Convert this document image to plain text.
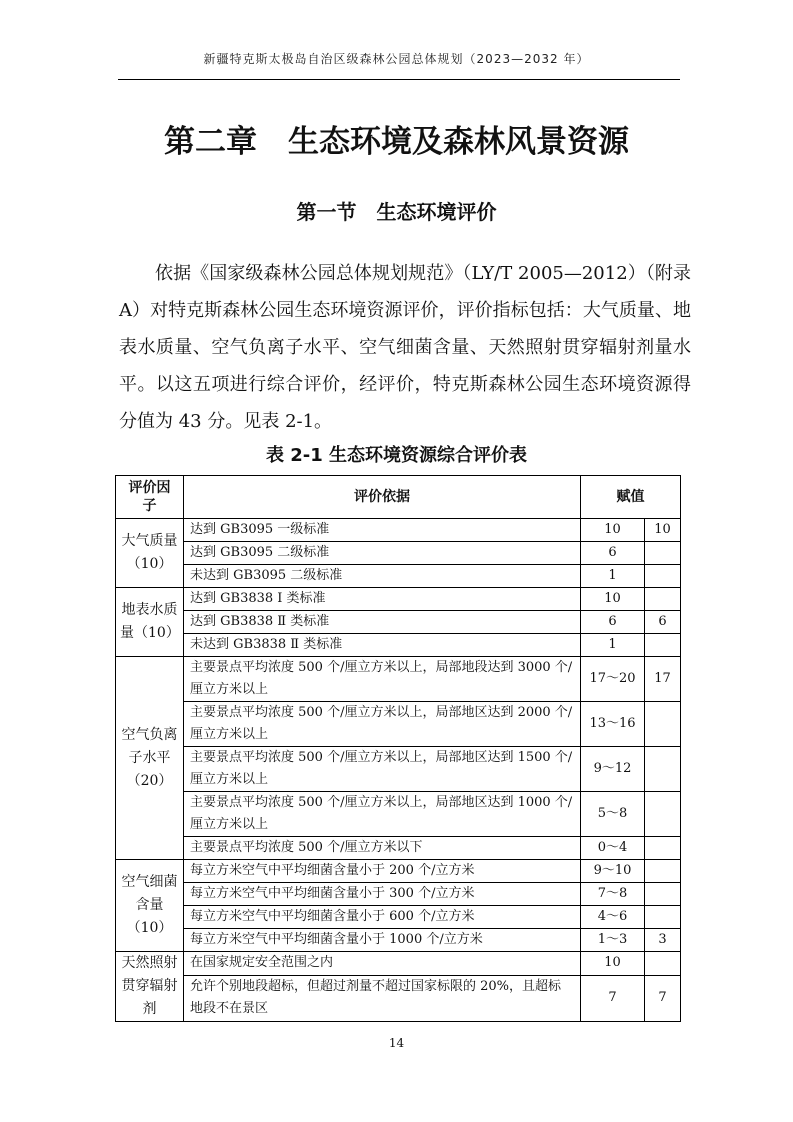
新疆特克斯太极岛自治区级森林公园总体规划（2023—2032 年）
第二章　生态环境及森林风景资源
第一节　生态环境评价

依据《国家级森林公园总体规划规范》（LY/T 2005—2012）（附录A）对特克斯森林公园生态环境资源评价，评价指标包括：大气质量、地表水质量、空气负离子水平、空气细菌含量、天然照射贯穿辐射剂量水平。以这五项进行综合评价，经评价，特克斯森林公园生态环境资源得分值为 43 分。见表 2-1。

表 2-1 生态环境资源综合评价表
评价因子	评价依据	赋值	
大气质量（10）	达到 GB3095 一级标准	10	10
	达到 GB3095 二级标准	6	
	未达到 GB3095 二级标准	1	
地表水质量（10）	达到 GB3838 Ⅰ 类标准	10	
	达到 GB3838 Ⅱ 类标准	6	6
	未达到 GB3838 Ⅱ 类标准	1	
空气负离子水平（20）	主要景点平均浓度 500 个/厘立方米以上，局部地段达到 3000 个/厘立方米以上	17～20	17
	主要景点平均浓度 500 个/厘立方米以上，局部地区达到 2000 个/厘立方米以上	13～16	
	主要景点平均浓度 500 个/厘立方米以上，局部地区达到 1500 个/厘立方米以上	9～12	
	主要景点平均浓度 500 个/厘立方米以上，局部地区达到 1000 个/厘立方米以上	5～8	
	主要景点平均浓度 500 个/厘立方米以下	0～4	
空气细菌含量（10）	每立方米空气中平均细菌含量小于 200 个/立方米	9～10	
	每立方米空气中平均细菌含量小于 300 个/立方米	7～8	
	每立方米空气中平均细菌含量小于 600 个/立方米	4～6	
	每立方米空气中平均细菌含量小于 1000 个/立方米	1～3	3
天然照射贯穿辐射剂	在国家规定安全范围之内	10	
	允许个别地段超标，但超过剂量不超过国家标限的 20%，且超标地段不在景区	7	7
14
